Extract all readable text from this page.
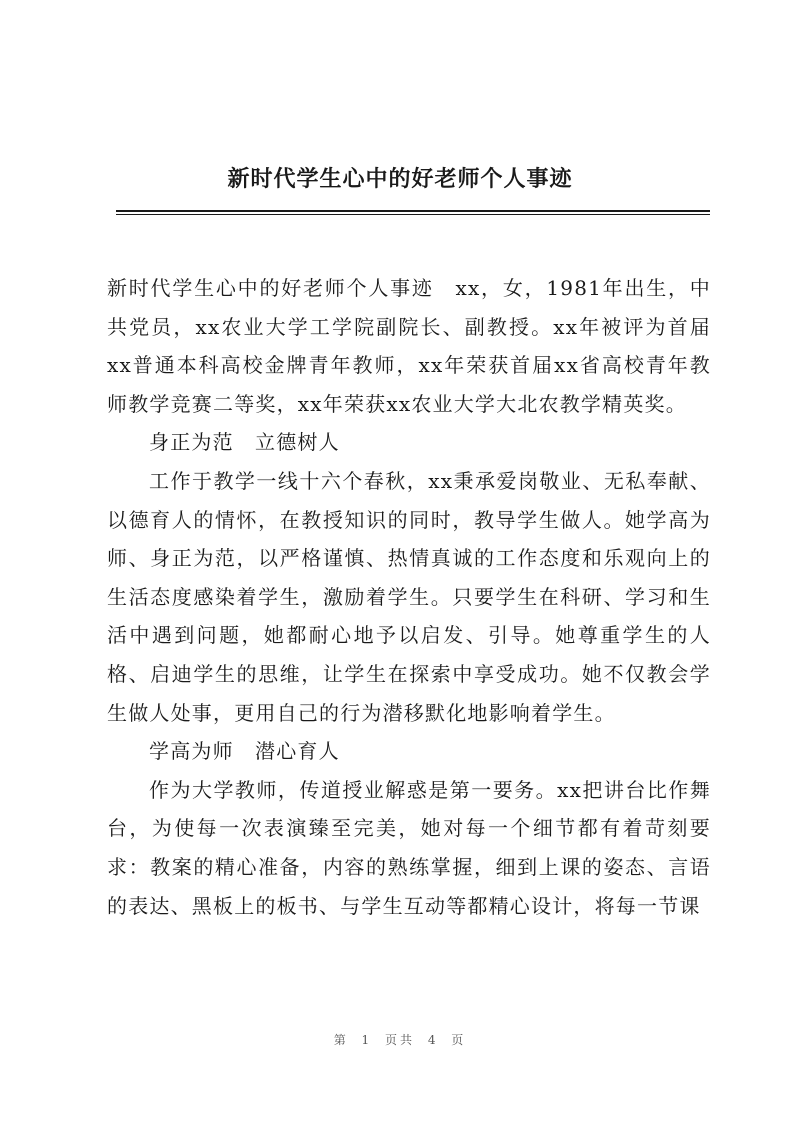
新时代学生心中的好老师个人事迹

新时代学生心中的好老师个人事迹　xx，女，1981年出生，中共党员，xx农业大学工学院副院长、副教授。xx年被评为首届xx普通本科高校金牌青年教师，xx年荣获首届xx省高校青年教师教学竞赛二等奖，xx年荣获xx农业大学大北农教学精英奖。

身正为范　立德树人

工作于教学一线十六个春秋，xx秉承爱岗敬业、无私奉献、以德育人的情怀，在教授知识的同时，教导学生做人。她学高为师、身正为范，以严格谨慎、热情真诚的工作态度和乐观向上的生活态度感染着学生，激励着学生。只要学生在科研、学习和生活中遇到问题，她都耐心地予以启发、引导。她尊重学生的人格、启迪学生的思维，让学生在探索中享受成功。她不仅教会学生做人处事，更用自己的行为潜移默化地影响着学生。

学高为师　潜心育人

作为大学教师，传道授业解惑是第一要务。xx把讲台比作舞台，为使每一次表演臻至完美，她对每一个细节都有着苛刻要求：教案的精心准备，内容的熟练掌握，细到上课的姿态、言语的表达、黑板上的板书、与学生互动等都精心设计，将每一节课

第 1 页共 4 页
